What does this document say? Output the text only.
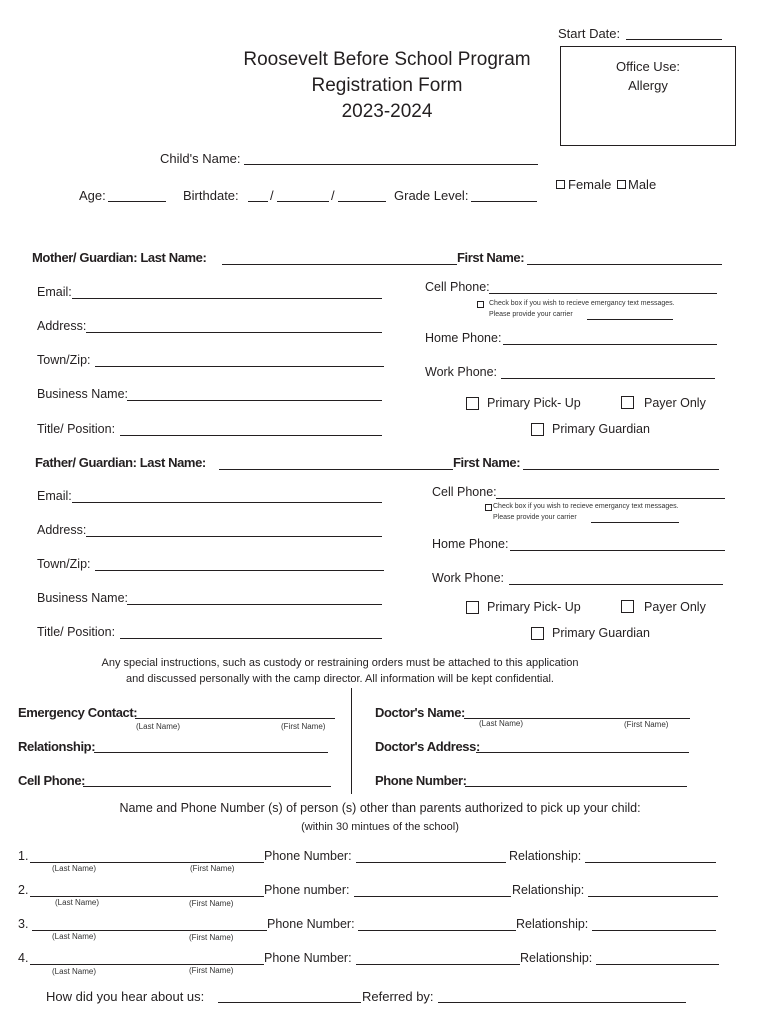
Start Date:
Roosevelt Before School Program
Registration Form
2023-2024
Office Use:
Allergy
Child's Name:
Age:	Birthdate: /	/	Grade Level:
Female Male
Mother/ Guardian: Last Name:	First Name:
Email:
Address:
Town/Zip:
Business Name:
Title/ Position:
Cell Phone:
Check box if you wish to recieve emergancy text messages.
Please provide your carrier
Home Phone:
Work Phone:
Primary Pick- Up	Payer Only
Primary Guardian
Father/ Guardian: Last Name:	First Name:
Email:
Address:
Town/Zip:
Business Name:
Title/ Position:
Cell Phone:
Check box if you wish to recieve emergancy text messages.
Please provide your carrier
Home Phone:
Work Phone:
Primary Pick- Up	Payer Only
Primary Guardian
Any special instructions, such as custody or restraining orders must be attached to this application
and discussed personally with the camp director. All information will be kept confidential.
Emergency Contact:
(Last Name)	(First Name)
Relationship:
Cell Phone:
Doctor's Name:
(Last Name)	(First Name)
Doctor's Address:
Phone Number:
Name and Phone Number (s) of person (s) other than parents authorized to pick up your child:
(within 30 mintues of the school)
1.
(Last Name)	(First Name)
Phone Number:	Relationship:
2.
(Last Name)	(First Name)
Phone number:	Relationship:
3.
(Last Name)	(First Name)
Phone Number:	Relationship:
4.
(Last Name)	(First Name)
Phone Number:	Relationship:
How did you hear about us:	Referred by:
